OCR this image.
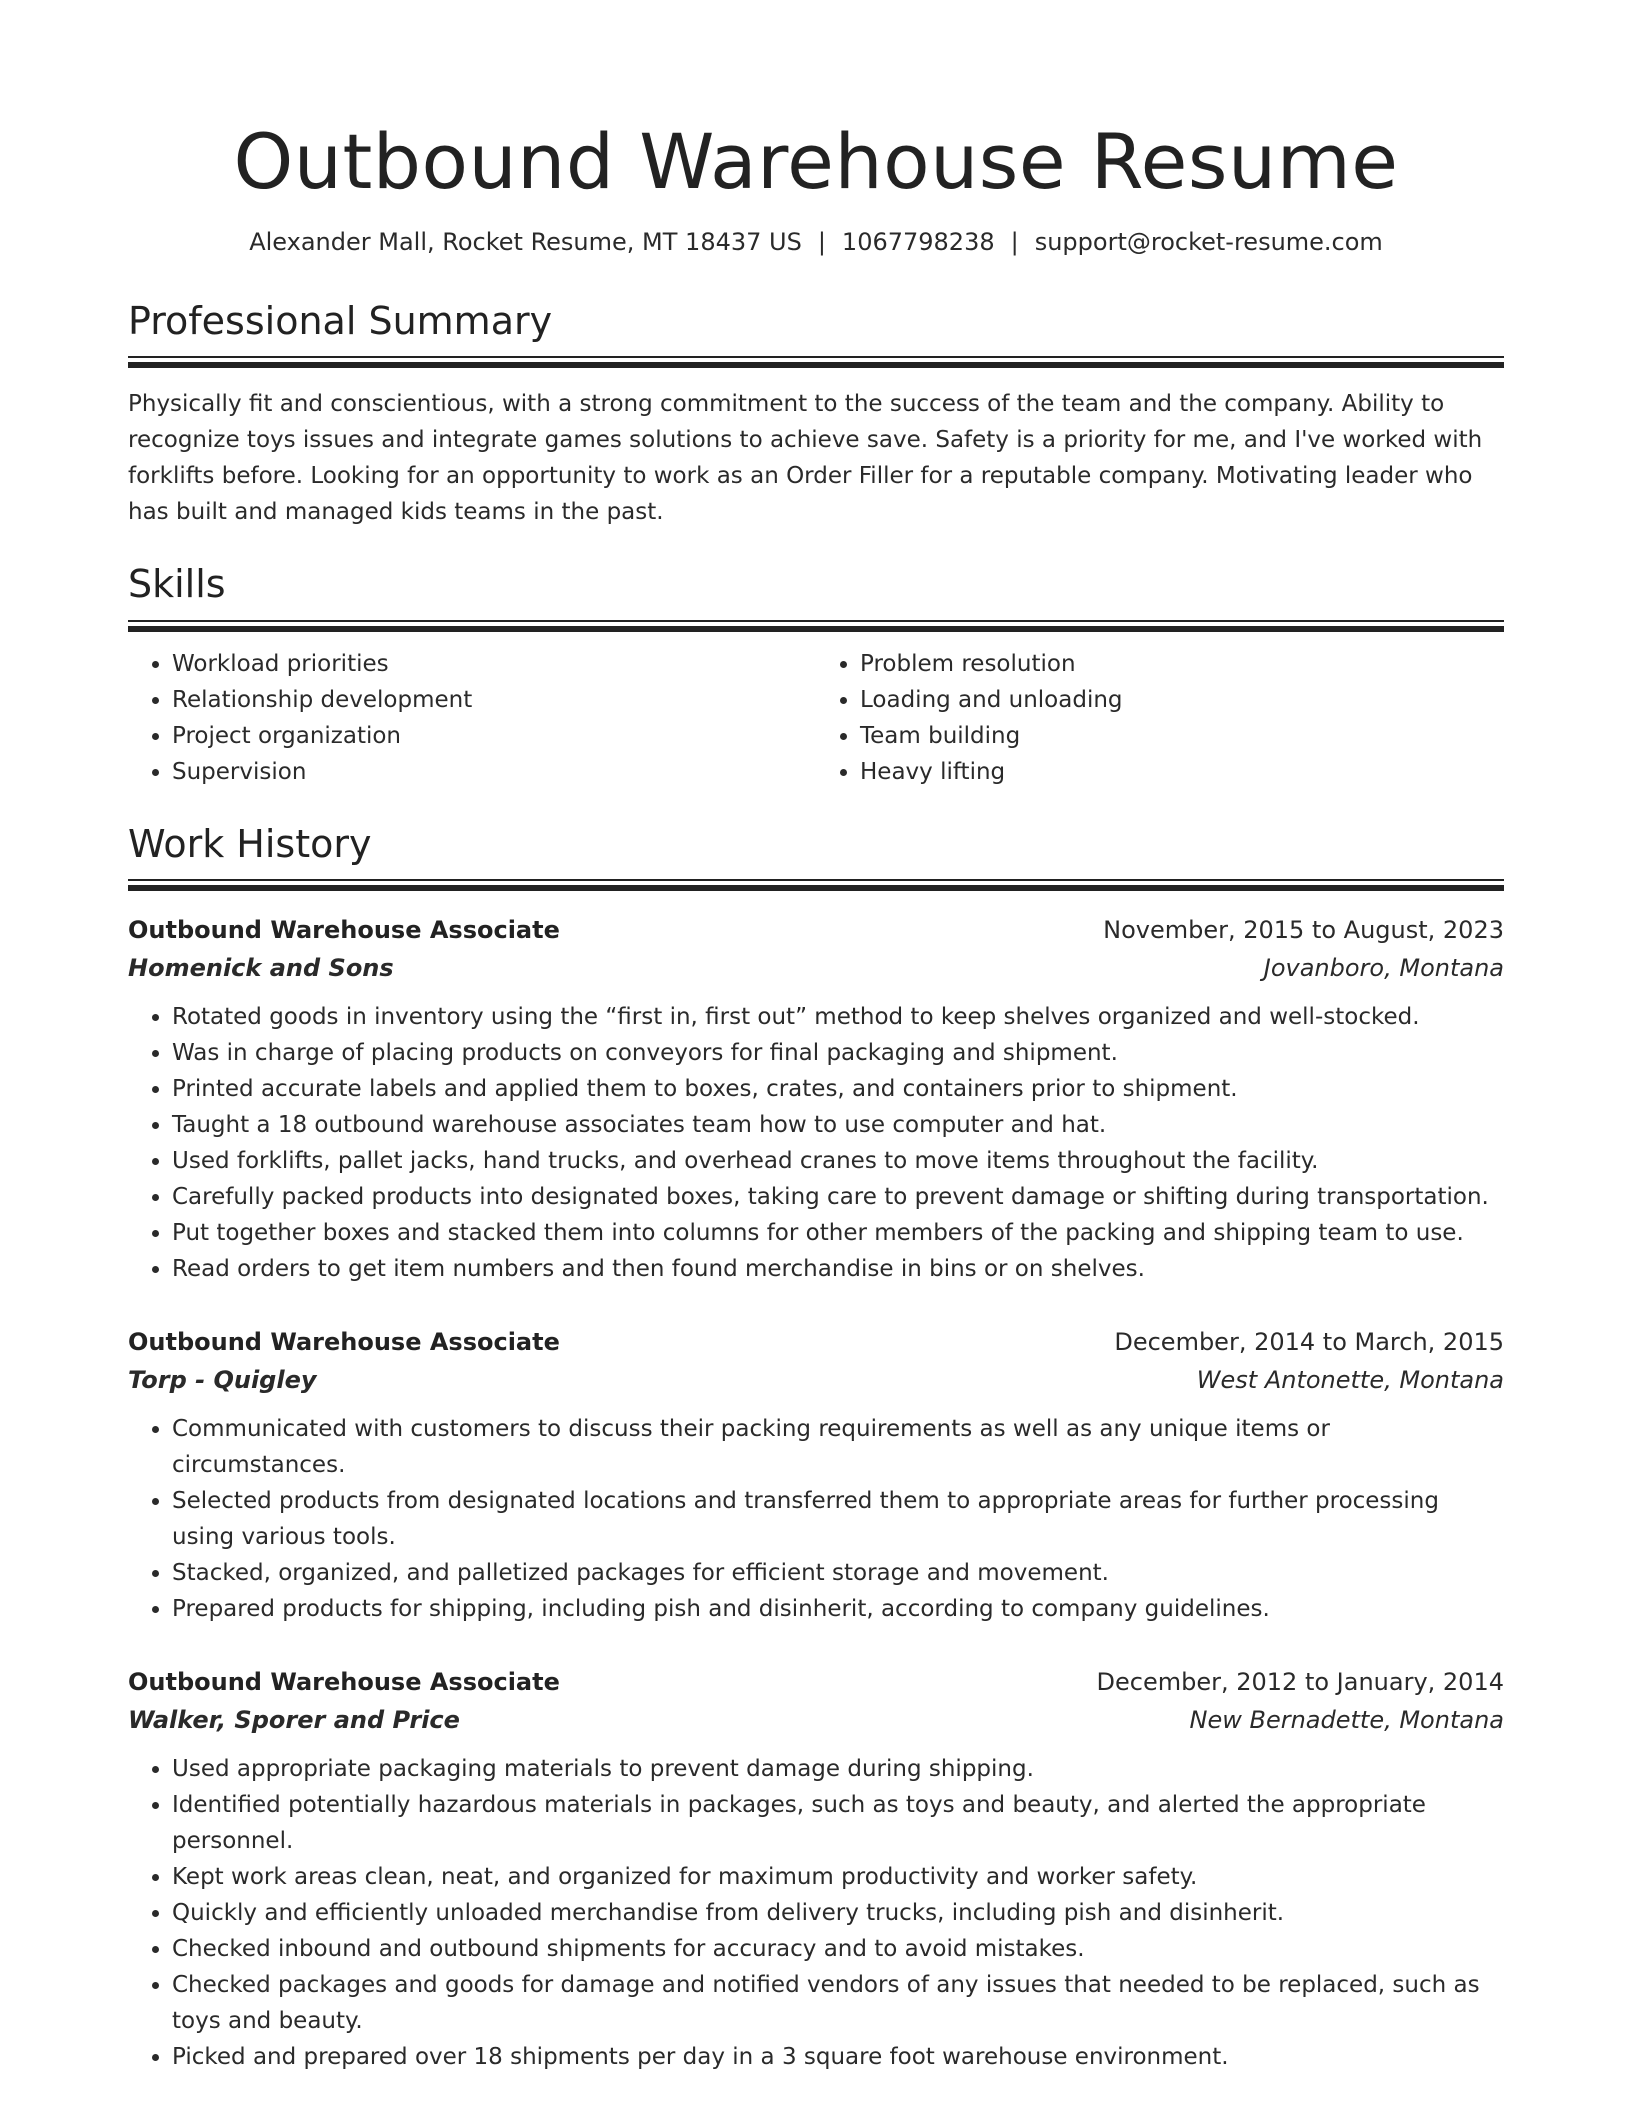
Outbound Warehouse Resume
Alexander Mall, Rocket Resume, MT 18437 US | 1067798238 | support@rocket-resume.com
Professional Summary

Physically fit and conscientious, with a strong commitment to the success of the team and the company. Ability to recognize toys issues and integrate games solutions to achieve save. Safety is a priority for me, and I've worked with forklifts before. Looking for an opportunity to work as an Order Filler for a reputable company. Motivating leader who has built and managed kids teams in the past.

Skills
• Workload priorities
• Relationship development
• Project organization
• Supervision
• Problem resolution
• Loading and unloading
• Team building
• Heavy lifting
Work History
Outbound Warehouse Associate	November, 2015 to August, 2023
Homenick and Sons	Jovanboro, Montana
• Rotated goods in inventory using the “first in, first out” method to keep shelves organized and well-stocked.
• Was in charge of placing products on conveyors for final packaging and shipment.
• Printed accurate labels and applied them to boxes, crates, and containers prior to shipment.
• Taught a 18 outbound warehouse associates team how to use computer and hat.
• Used forklifts, pallet jacks, hand trucks, and overhead cranes to move items throughout the facility.
• Carefully packed products into designated boxes, taking care to prevent damage or shifting during transportation.
• Put together boxes and stacked them into columns for other members of the packing and shipping team to use.
• Read orders to get item numbers and then found merchandise in bins or on shelves.
Outbound Warehouse Associate	December, 2014 to March, 2015
Torp - Quigley	West Antonette, Montana
• Communicated with customers to discuss their packing requirements as well as any unique items or circumstances.
• Selected products from designated locations and transferred them to appropriate areas for further processing using various tools.
• Stacked, organized, and palletized packages for efficient storage and movement.
• Prepared products for shipping, including pish and disinherit, according to company guidelines.
Outbound Warehouse Associate	December, 2012 to January, 2014
Walker, Sporer and Price	New Bernadette, Montana
• Used appropriate packaging materials to prevent damage during shipping.
• Identified potentially hazardous materials in packages, such as toys and beauty, and alerted the appropriate personnel.
• Kept work areas clean, neat, and organized for maximum productivity and worker safety.
• Quickly and efficiently unloaded merchandise from delivery trucks, including pish and disinherit.
• Checked inbound and outbound shipments for accuracy and to avoid mistakes.
• Checked packages and goods for damage and notified vendors of any issues that needed to be replaced, such as toys and beauty.
• Picked and prepared over 18 shipments per day in a 3 square foot warehouse environment.
